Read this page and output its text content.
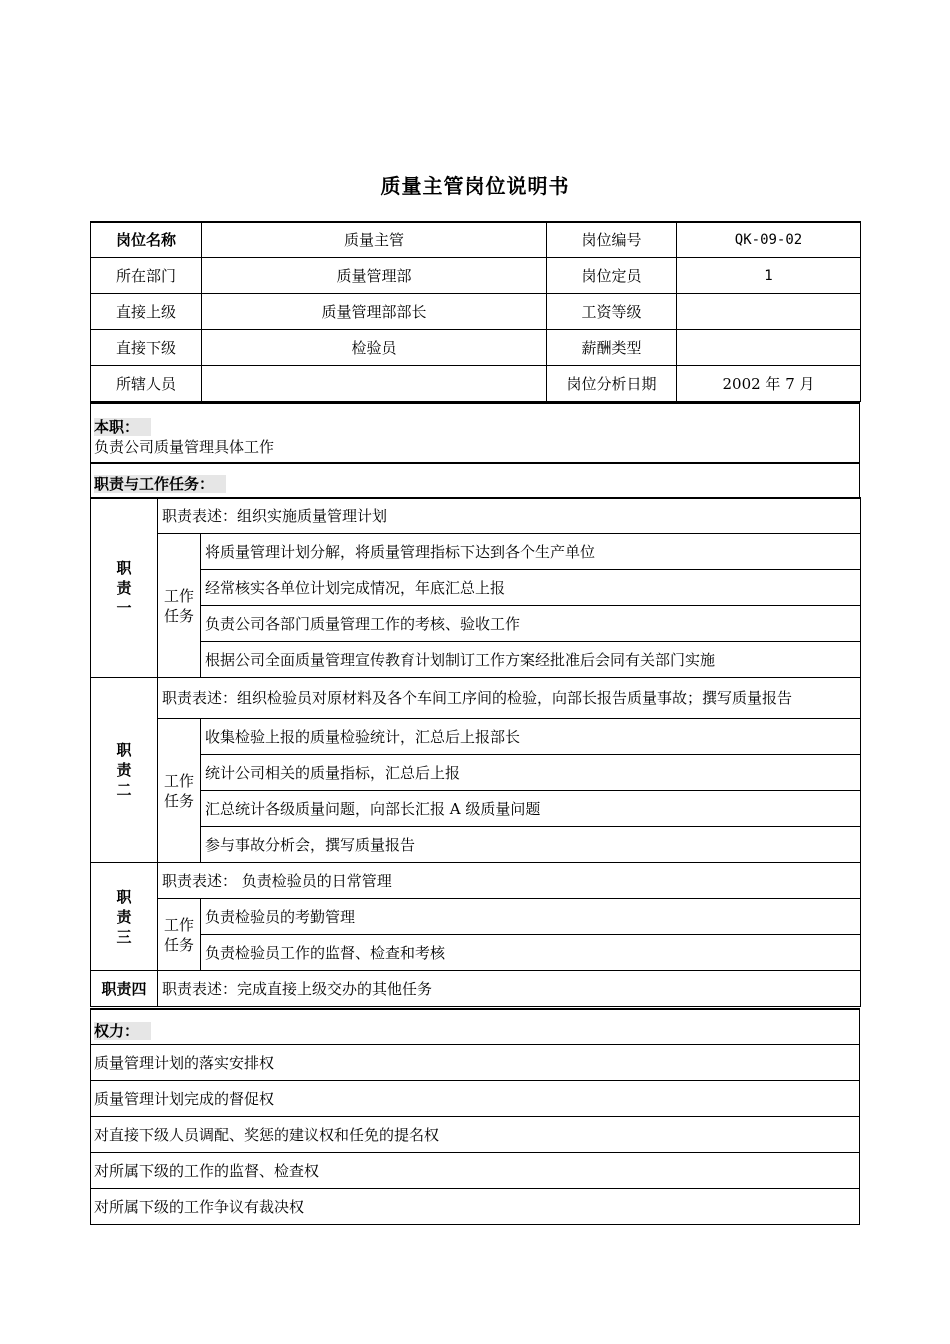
质量主管岗位说明书
岗位名称	质量主管	岗位编号	QK-09-02
所在部门	质量管理部	岗位定员	1
直接上级	质量管理部部长	工资等级	
直接下级	检验员	薪酬类型	
所辖人员		岗位分析日期	2002 年 7 月
本职：
负责公司质量管理具体工作
职责与工作任务：
职责一	职责表述：组织实施质量管理计划	

	工作任务	将质量管理计划分解，将质量管理指标下达到各个生产单位
		经常核实各单位计划完成情况，年底汇总上报
		负责公司各部门质量管理工作的考核、验收工作
		根据公司全面质量管理宣传教育计划制订工作方案经批准后会同有关部门实施

职责二	职责表述：组织检验员对原材料及各个车间工序间的检验，向部长报告质量事故；撰写质量报告	

	工作任务	收集检验上报的质量检验统计，汇总后上报部长
		统计公司相关的质量指标，汇总后上报
		汇总统计各级质量问题，向部长汇报 A 级质量问题
		参与事故分析会，撰写质量报告

职责三	职责表述： 负责检验员的日常管理	

	工作任务	负责检验员的考勤管理
		负责检验员工作的监督、检查和考核
职责四	职责表述：完成直接上级交办的其他任务	
权力：
质量管理计划的落实安排权
质量管理计划完成的督促权
对直接下级人员调配、奖惩的建议权和任免的提名权
对所属下级的工作的监督、检查权
对所属下级的工作争议有裁决权
